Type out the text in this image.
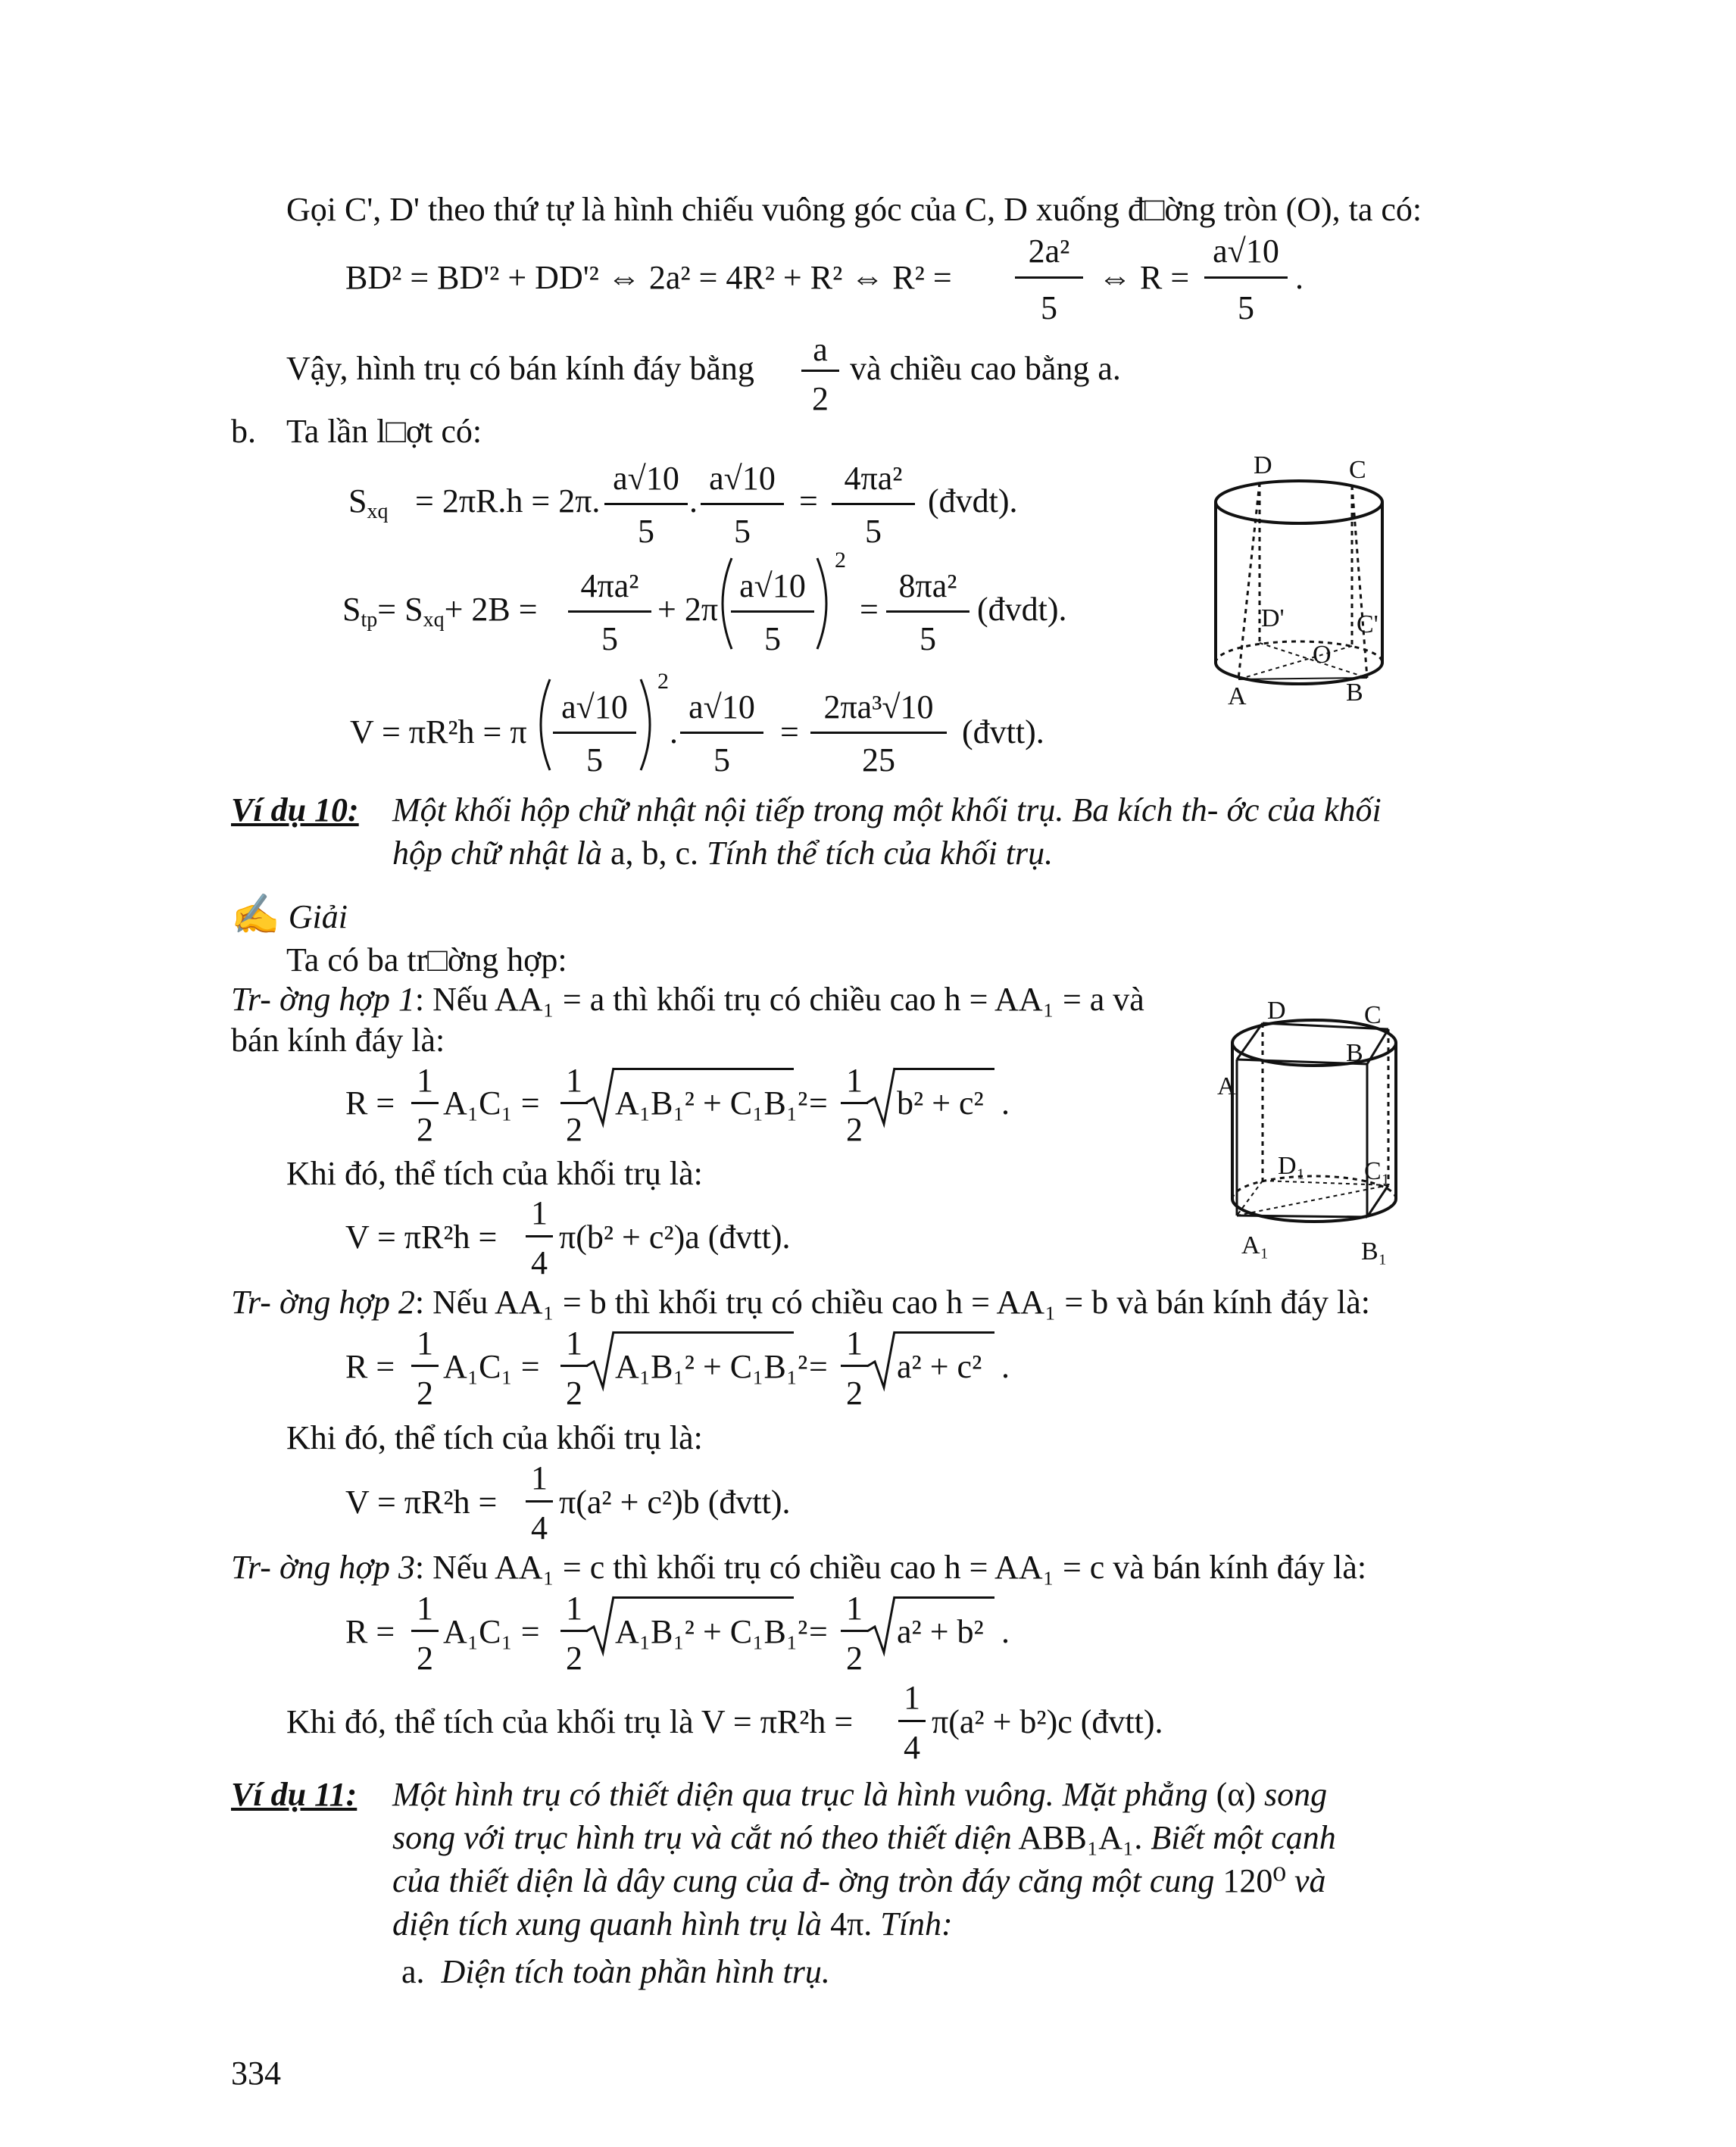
Gọi C', D' theo thứ tự là hình chiếu vuông góc của C, D xuống đ□ờng tròn (O), ta có:
BD² = BD'² + DD'² ⇔ 2a² = 4R² + R² ⇔ R² =
2a²
5
⇔ R =
a√10
5
.
Vậy, hình trụ có bán kính đáy bằng
a
2
và chiều cao bằng a.
b. Ta lần l□ợt có:
$S_{xq} = 2\pi R.h = 2\pi$.
a√10
5
.
a√10
5
=
4πa²
5
(đvdt).
$S_{tp}= S_{xq}+ 2B$ =
4πa²
5
+ 2π
a√10
5
2
=
8πa²
5
(đvdt).
V = πR²h = π
a√10
5
2
.
a√10
5
=
2πa³√10
25
(đvtt).
D	C
D'	C'
O
A	B
Ví dụ 10: Một khối hộp chữ nhật nội tiếp trong một khối trụ. Ba kích th- ớc của khối
hộp chữ nhật là a, b, c. Tính thể tích của khối trụ.
✍ Giải
Ta có ba tr□ờng hợp:
Tr- ờng hợp 1: Nếu AA₁ = a thì khối trụ có chiều cao h = AA₁ = a và
bán kính đáy là:
R =
1
2
A₁C₁ =
1
2
A₁B₁² + C₁B₁² =
1
2
b² + c² .
Khi đó, thể tích của khối trụ là:
V = πR²h =
1
4
π(b² + c²)a (đvtt).
D	C
B
A
D₁ C₁
A₁	B₁
Tr- ờng hợp 2: Nếu AA₁ = b thì khối trụ có chiều cao h = AA₁ = b và bán kính đáy là:
R =
1
2
A₁C₁ =
1
2
A₁B₁² + C₁B₁² =
1
2
a² + c² .
Khi đó, thể tích của khối trụ là:
V = πR²h =
1
4
π(a² + c²)b (đvtt).
Tr- ờng hợp 3: Nếu AA₁ = c thì khối trụ có chiều cao h = AA₁ = c và bán kính đáy là:
R =
1
2
A₁C₁ =
1
2
A₁B₁² + C₁B₁² =
1
2
a² + b² .
Khi đó, thể tích của khối trụ là V = πR²h =
1
4
π(a² + b²)c (đvtt).
Ví dụ 11: Một hình trụ có thiết diện qua trục là hình vuông. Mặt phẳng (α) song
song với trục hình trụ và cắt nó theo thiết diện ABB₁A₁. Biết một cạnh
của thiết diện là dây cung của đ- ờng tròn đáy căng một cung 120⁰ và
diện tích xung quanh hình trụ là 4π. Tính:
a. Diện tích toàn phần hình trụ.
334
